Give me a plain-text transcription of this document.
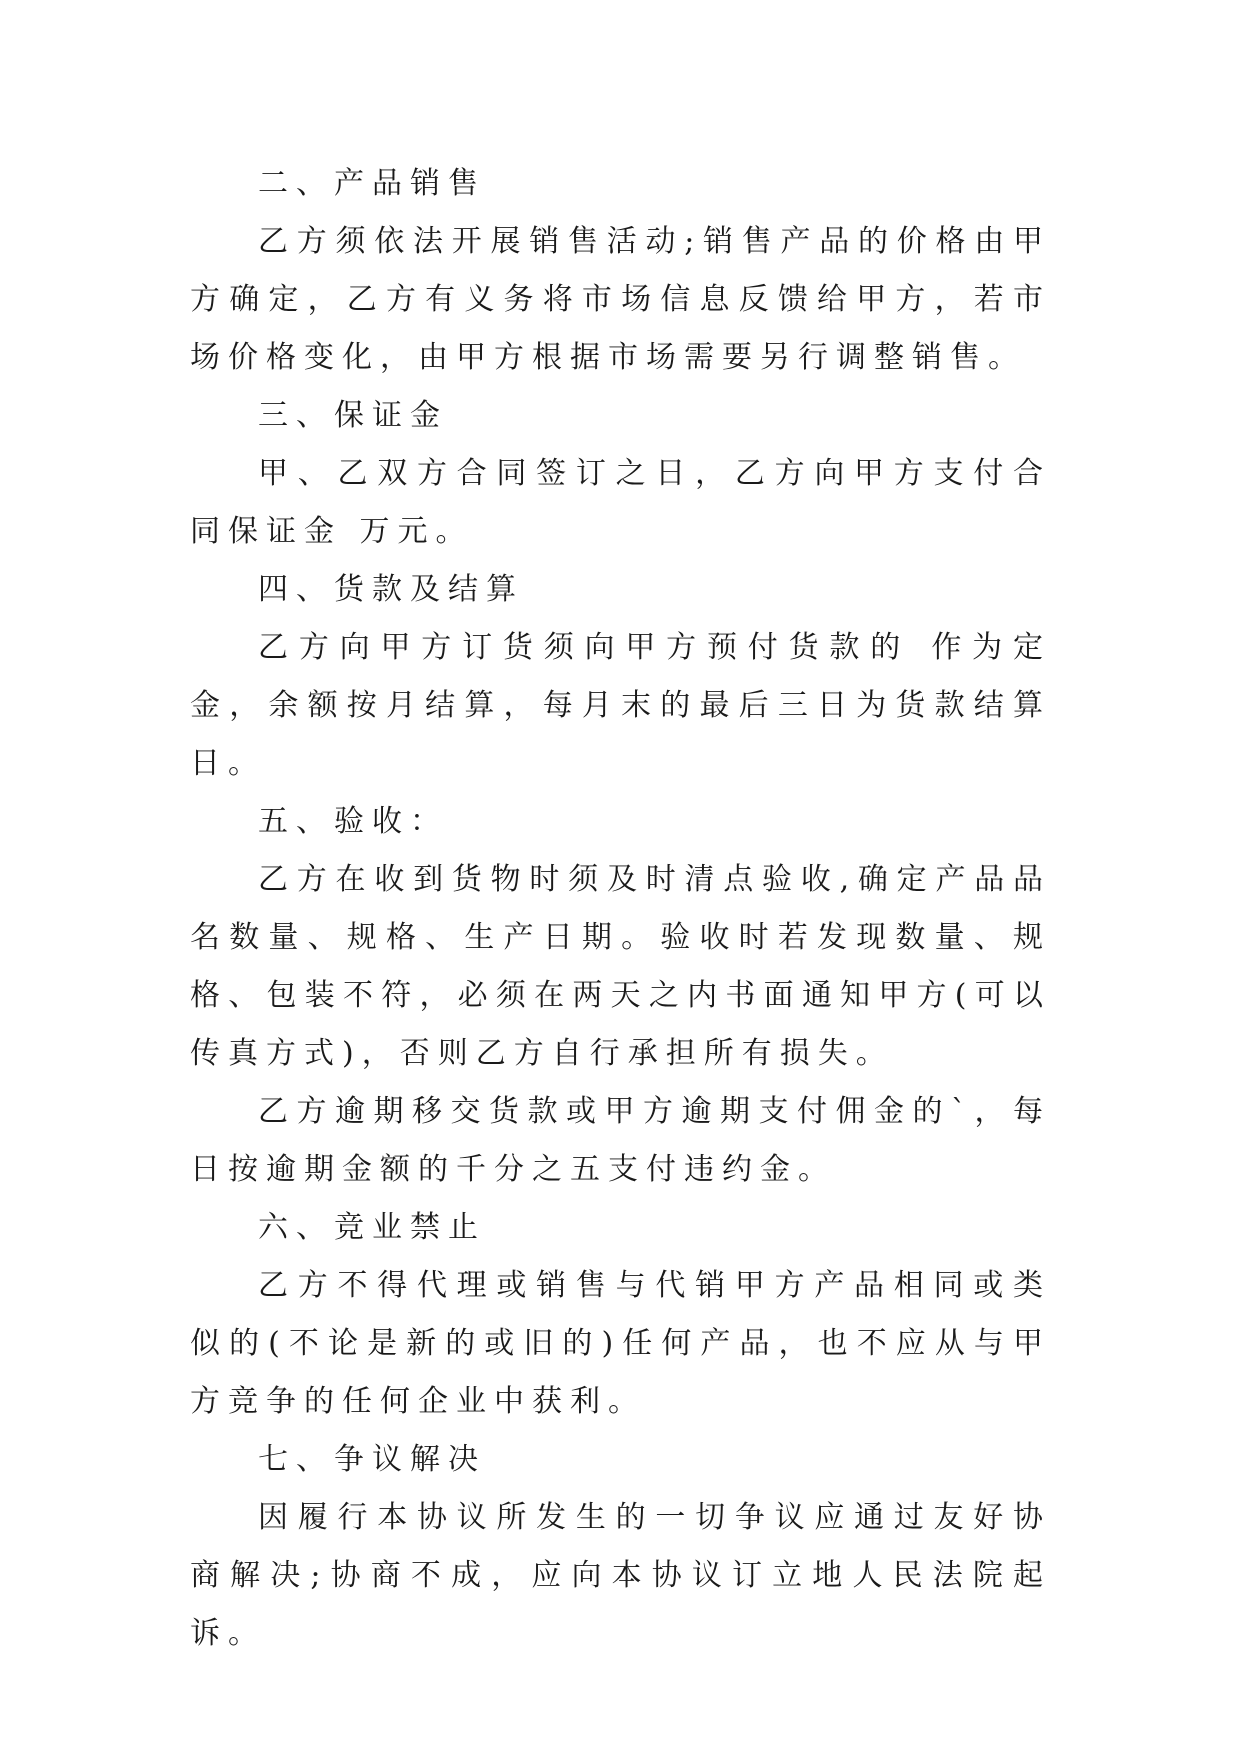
二、产品销售

乙方须依法开展销售活动;销售产品的价格由甲方确定，乙方有义务将市场信息反馈给甲方，若市场价格变化，由甲方根据市场需要另行调整销售。

三、保证金

甲、乙双方合同签订之日，乙方向甲方支付合同保证金 万元。

四、货款及结算

乙方向甲方订货须向甲方预付货款的 作为定金，余额按月结算，每月末的最后三日为货款结算日。

五、验收：

乙方在收到货物时须及时清点验收,确定产品品名数量、规格、生产日期。验收时若发现数量、规格、包装不符，必须在两天之内书面通知甲方(可以传真方式)，否则乙方自行承担所有损失。

乙方逾期移交货款或甲方逾期支付佣金的`，每日按逾期金额的千分之五支付违约金。

六、竞业禁止

乙方不得代理或销售与代销甲方产品相同或类似的(不论是新的或旧的)任何产品，也不应从与甲方竞争的任何企业中获利。

七、争议解决

因履行本协议所发生的一切争议应通过友好协商解决;协商不成，应向本协议订立地人民法院起诉。
